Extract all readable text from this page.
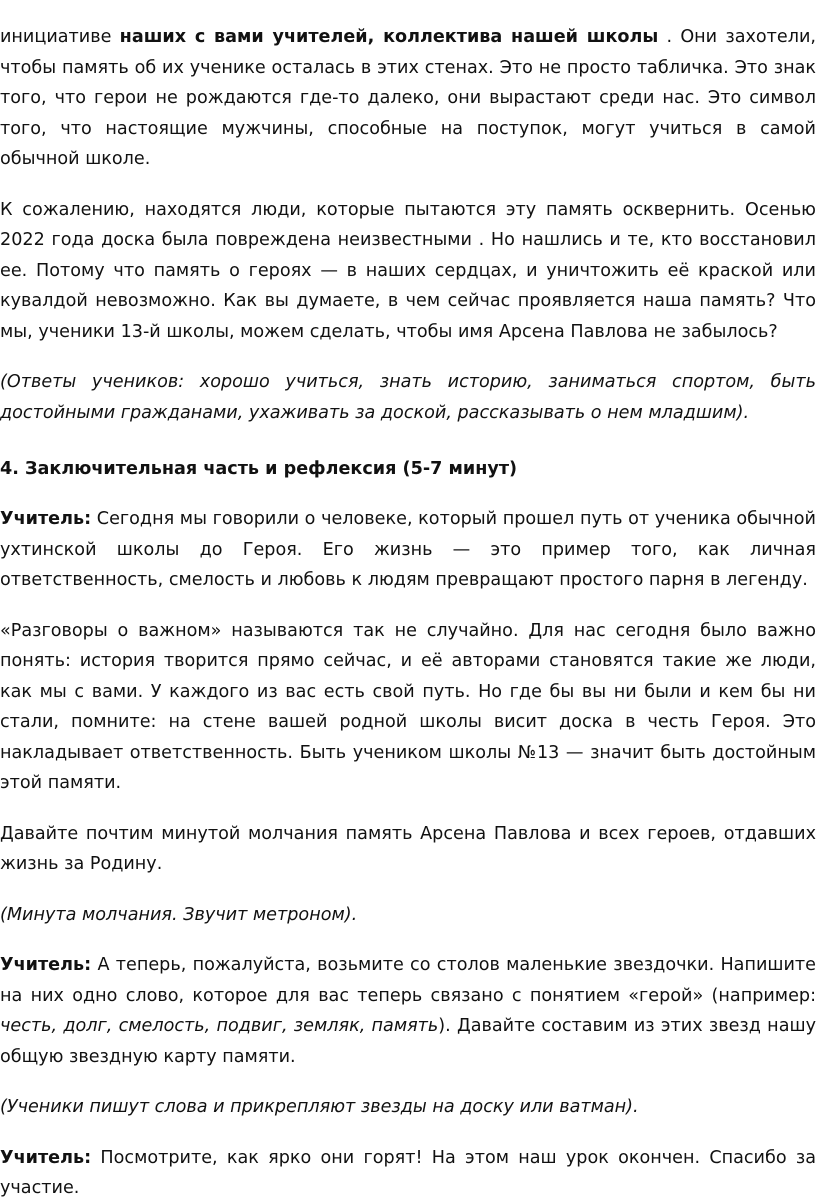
инициативе наших с вами учителей, коллектива нашей школы . Они захотели, чтобы память об их ученике осталась в этих стенах. Это не просто табличка. Это знак того, что герои не рождаются где-то далеко, они вырастают среди нас. Это символ того, что настоящие мужчины, способные на поступок, могут учиться в самой обычной школе.

К сожалению, находятся люди, которые пытаются эту память осквернить. Осенью 2022 года доска была повреждена неизвестными . Но нашлись и те, кто восстановил ее. Потому что память о героях — в наших сердцах, и уничтожить её краской или кувалдой невозможно. Как вы думаете, в чем сейчас проявляется наша память? Что мы, ученики 13-й школы, можем сделать, чтобы имя Арсена Павлова не забылось?

(Ответы учеников: хорошо учиться, знать историю, заниматься спортом, быть достойными гражданами, ухаживать за доской, рассказывать о нем младшим).

4. Заключительная часть и рефлексия (5-7 минут)

Учитель: Сегодня мы говорили о человеке, который прошел путь от ученика обычной ухтинской школы до Героя. Его жизнь — это пример того, как личная ответственность, смелость и любовь к людям превращают простого парня в легенду.

«Разговоры о важном» называются так не случайно. Для нас сегодня было важно понять: история творится прямо сейчас, и её авторами становятся такие же люди, как мы с вами. У каждого из вас есть свой путь. Но где бы вы ни были и кем бы ни стали, помните: на стене вашей родной школы висит доска в честь Героя. Это накладывает ответственность. Быть учеником школы №13 — значит быть достойным этой памяти.

Давайте почтим минутой молчания память Арсена Павлова и всех героев, отдавших жизнь за Родину.

(Минута молчания. Звучит метроном).

Учитель: А теперь, пожалуйста, возьмите со столов маленькие звездочки. Напишите на них одно слово, которое для вас теперь связано с понятием «герой» (например: честь, долг, смелость, подвиг, земляк, память). Давайте составим из этих звезд нашу общую звездную карту памяти.

(Ученики пишут слова и прикрепляют звезды на доску или ватман).

Учитель: Посмотрите, как ярко они горят! На этом наш урок окончен. Спасибо за участие.
